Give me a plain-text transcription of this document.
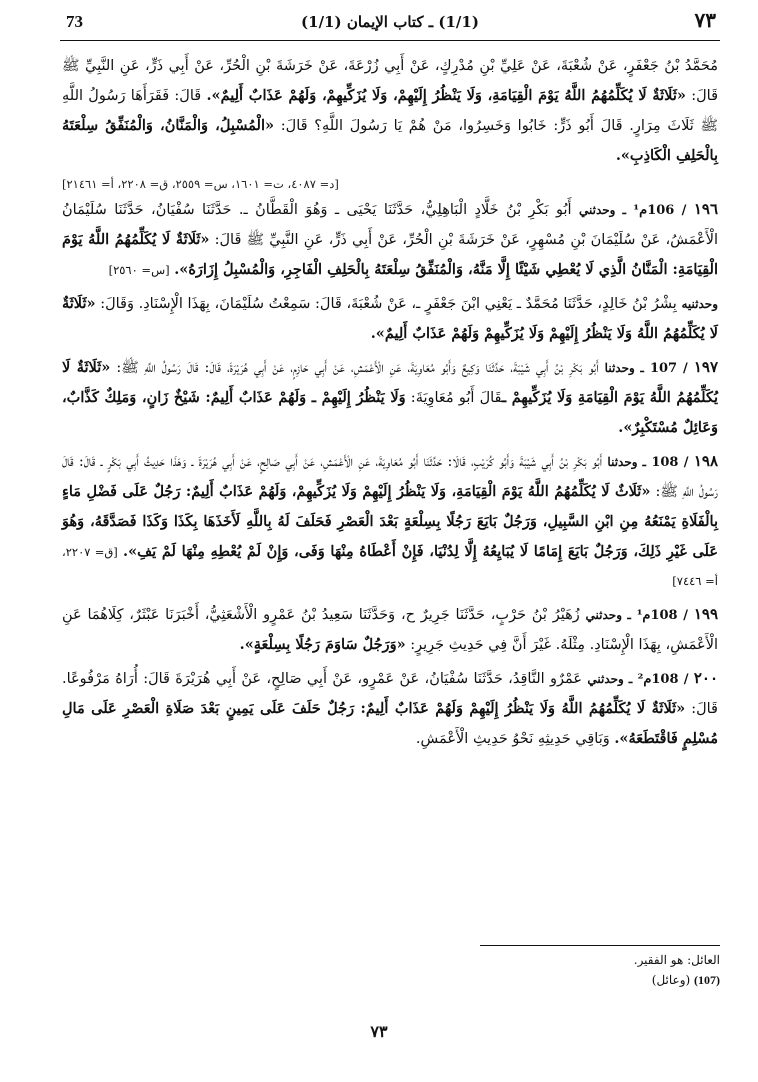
73	(1/1) ـ كتاب الإيمان (1/1)	٧٣

مُحَمَّدُ بْنُ جَعْفَرٍ، عَنْ شُعْبَةَ، عَنْ عَلِيِّ بْنِ مُدْرِكٍ، عَنْ أَبِي زُرْعَةَ، عَنْ خَرَشَةَ بْنِ الْحُرِّ، عَنْ أَبِي ذَرٍّ، عَنِ النَّبِيِّ ﷺ قَالَ: «ثَلَاثَةٌ لَا يُكَلِّمُهُمُ اللَّهُ يَوْمَ الْقِيَامَةِ، وَلَا يَنْظُرُ إِلَيْهِمْ، وَلَا يُزَكِّيهِمْ، وَلَهُمْ عَذَابٌ أَلِيمٌ». قَالَ: فَقَرَأَهَا رَسُولُ اللَّهِ ﷺ ثَلَاثَ مِرَارٍ. قَالَ أَبُو ذَرٍّ: خَابُوا وَخَسِرُوا، مَنْ هُمْ يَا رَسُولَ اللَّهِ؟ قَالَ: «الْمُسْبِلُ، وَالْمَنَّانُ، وَالْمُنَفِّقُ سِلْعَتَهُ بِالْحَلِفِ الْكَاذِبِ».

[د= ٤٠٨٧، ت= ١٦٠١، س= ٢٥٥٩، ق= ٢٢٠٨، أ= ٢١٤٦١]

١٩٦ / 106م¹ ـ وحدثني أَبُو بَكْرِ بْنُ خَلَّادٍ الْبَاهِلِيُّ، حَدَّثَنَا يَحْيَى ـ وَهُوَ الْقَطَّانُ ـ. حَدَّثَنَا سُفْيَانُ، حَدَّثَنَا سُلَيْمَانُ الْأَعْمَشُ، عَنْ سُلَيْمَانَ بْنِ مُسْهِرٍ، عَنْ خَرَشَةَ بْنِ الْحُرِّ، عَنْ أَبِي ذَرٍّ، عَنِ النَّبِيِّ ﷺ قَالَ: «ثَلَاثَةٌ لَا يُكَلِّمُهُمُ اللَّهُ يَوْمَ الْقِيَامَةِ: الْمَنَّانُ الَّذِي لَا يُعْطِي شَيْئًا إِلَّا مَنَّهُ، وَالْمُنَفِّقُ سِلْعَتَهُ بِالْحَلِفِ الْفَاجِرِ، وَالْمُسْبِلُ إِزَارَهُ». [س= ٢٥٦٠]

وحدثنيه بِشْرُ بْنُ خَالِدٍ، حَدَّثَنَا مُحَمَّدٌ ـ يَعْنِي ابْنَ جَعْفَرٍ ـ، عَنْ شُعْبَةَ، قَالَ: سَمِعْتُ سُلَيْمَانَ، بِهَذَا الْإِسْنَادِ. وَقَالَ: «ثَلَاثَةٌ لَا يُكَلِّمُهُمُ اللَّهُ وَلَا يَنْظُرُ إِلَيْهِمْ وَلَا يُزَكِّيهِمْ وَلَهُمْ عَذَابٌ أَلِيمٌ».

١٩٧ / 107 ـ وحدثنا أَبُو بَكْرِ بْنُ أَبِي شَيْبَةَ، حَدَّثَنَا وَكِيعٌ وَأَبُو مُعَاوِيَةَ، عَنِ الْأَعْمَشِ، عَنْ أَبِي حَازِمٍ، عَنْ أَبِي هُرَيْرَةَ، قَالَ: قَالَ رَسُولُ اللَّهِ ﷺ: «ثَلَاثَةٌ لَا يُكَلِّمُهُمُ اللَّهُ يَوْمَ الْقِيَامَةِ وَلَا يُزَكِّيهِمْ ـقَالَ أَبُو مُعَاوِيَةَ: وَلَا يَنْظُرُ إِلَيْهِمْ ـ وَلَهُمْ عَذَابٌ أَلِيمٌ: شَيْخٌ زَانٍ، وَمَلِكٌ كَذَّابٌ، وَعَائِلٌ مُسْتَكْبِرٌ».

١٩٨ / 108 ـ وحدثنا أَبُو بَكْرِ بْنُ أَبِي شَيْبَةَ وَأَبُو كُرَيْبٍ، قَالَا: حَدَّثَنَا أَبُو مُعَاوِيَةَ، عَنِ الْأَعْمَشِ، عَنْ أَبِي صَالِحٍ، عَنْ أَبِي هُرَيْرَةَ ـ وَهَذَا حَدِيثُ أَبِي بَكْرٍ ـ قَالَ: قَالَ رَسُولُ اللَّهِ ﷺ: «ثَلَاثٌ لَا يُكَلِّمُهُمُ اللَّهُ يَوْمَ الْقِيَامَةِ، وَلَا يَنْظُرُ إِلَيْهِمْ وَلَا يُزَكِّيهِمْ، وَلَهُمْ عَذَابٌ أَلِيمٌ: رَجُلٌ عَلَى فَضْلِ مَاءٍ بِالْفَلَاةِ يَمْنَعُهُ مِنِ ابْنِ السَّبِيلِ، وَرَجُلٌ بَايَعَ رَجُلًا بِسِلْعَةٍ بَعْدَ الْعَصْرِ فَحَلَفَ لَهُ بِاللَّهِ لَأَخَذَهَا بِكَذَا وَكَذَا فَصَدَّقَهُ، وَهُوَ عَلَى غَيْرِ ذَلِكَ، وَرَجُلٌ بَايَعَ إِمَامًا لَا يُبَايِعُهُ إِلَّا لِدُنْيَا، فَإِنْ أَعْطَاهُ مِنْهَا وَفَى، وَإِنْ لَمْ يُعْطِهِ مِنْهَا لَمْ يَفِ». [ق= ٢٢٠٧، أ= ٧٤٤٦]

١٩٩ / 108م¹ ـ وحدثني زُهَيْرُ بْنُ حَرْبٍ، حَدَّثَنَا جَرِيرٌ ح، وَحَدَّثَنَا سَعِيدُ بْنُ عَمْرٍو الْأَشْعَثِيُّ، أَخْبَرَنَا عَبْثَرٌ، كِلَاهُمَا عَنِ الْأَعْمَشِ، بِهَذَا الْإِسْنَادِ. مِثْلَهُ. غَيْرَ أَنَّ فِي حَدِيثِ جَرِيرٍ: «وَرَجُلٌ سَاوَمَ رَجُلًا بِسِلْعَةٍ».

٢٠٠ / 108م² ـ وحدثني عَمْرٌو النَّاقِدُ، حَدَّثَنَا سُفْيَانُ، عَنْ عَمْرٍو، عَنْ أَبِي صَالِحٍ، عَنْ أَبِي هُرَيْرَةَ قَالَ: أُرَاهُ مَرْفُوعًا. قَالَ: «ثَلَاثَةٌ لَا يُكَلِّمُهُمُ اللَّهُ وَلَا يَنْظُرُ إِلَيْهِمْ وَلَهُمْ عَذَابٌ أَلِيمٌ: رَجُلٌ حَلَفَ عَلَى يَمِينٍ بَعْدَ صَلَاةِ الْعَصْرِ عَلَى مَالِ مُسْلِمٍ فَاقْتَطَعَهُ». وَبَاقِي حَدِيثِهِ نَحْوُ حَدِيثِ الْأَعْمَشِ.

العائل: هو الفقير.
(107) (وعائل)
٧٣
